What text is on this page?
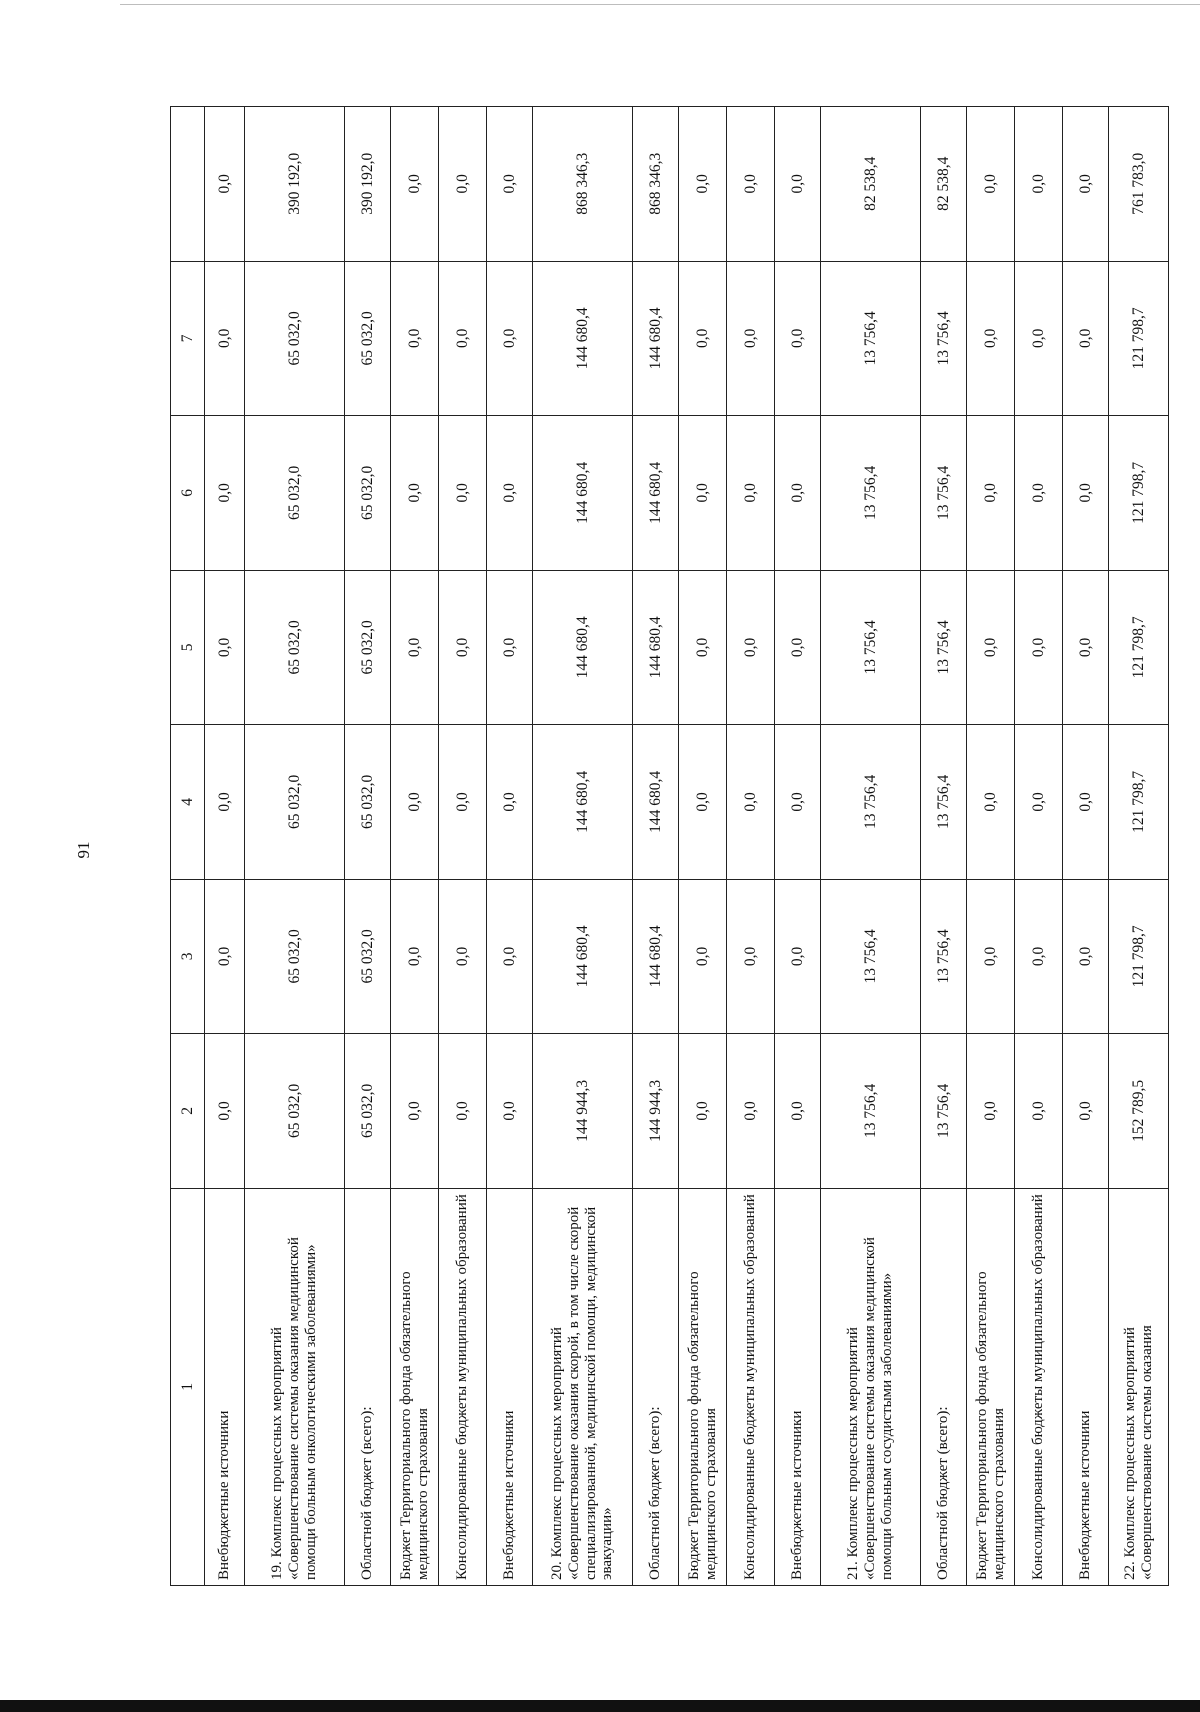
91
1	2	3	4	5	6	7	
Внебюджетные источники	0,0	0,0	0,0	0,0	0,0	0,0	0,0
19. Комплекс процессных мероприятий «Совершенствование системы оказания медицинской помощи больным онкологическими заболеваниями»	65 032,0	65 032,0	65 032,0	65 032,0	65 032,0	65 032,0	390 192,0
Областной бюджет (всего):	65 032,0	65 032,0	65 032,0	65 032,0	65 032,0	65 032,0	390 192,0
Бюджет Территориального фонда обязательного медицинского страхования	0,0	0,0	0,0	0,0	0,0	0,0	0,0
Консолидированные бюджеты муниципальных образований	0,0	0,0	0,0	0,0	0,0	0,0	0,0
Внебюджетные источники	0,0	0,0	0,0	0,0	0,0	0,0	0,0
20. Комплекс процессных мероприятий «Совершенствование оказания скорой, в том числе скорой специализированной, медицинской помощи, медицинской эвакуации»	144 944,3	144 680,4	144 680,4	144 680,4	144 680,4	144 680,4	868 346,3
Областной бюджет (всего):	144 944,3	144 680,4	144 680,4	144 680,4	144 680,4	144 680,4	868 346,3
Бюджет Территориального фонда обязательного медицинского страхования	0,0	0,0	0,0	0,0	0,0	0,0	0,0
Консолидированные бюджеты муниципальных образований	0,0	0,0	0,0	0,0	0,0	0,0	0,0
Внебюджетные источники	0,0	0,0	0,0	0,0	0,0	0,0	0,0
21. Комплекс процессных мероприятий «Совершенствование системы оказания медицинской помощи больным сосудистыми заболеваниями»	13 756,4	13 756,4	13 756,4	13 756,4	13 756,4	13 756,4	82 538,4
Областной бюджет (всего):	13 756,4	13 756,4	13 756,4	13 756,4	13 756,4	13 756,4	82 538,4
Бюджет Территориального фонда обязательного медицинского страхования	0,0	0,0	0,0	0,0	0,0	0,0	0,0
Консолидированные бюджеты муниципальных образований	0,0	0,0	0,0	0,0	0,0	0,0	0,0
Внебюджетные источники	0,0	0,0	0,0	0,0	0,0	0,0	0,0
22. Комплекс процессных мероприятий «Совершенствование системы оказания	152 789,5	121 798,7	121 798,7	121 798,7	121 798,7	121 798,7	761 783,0
